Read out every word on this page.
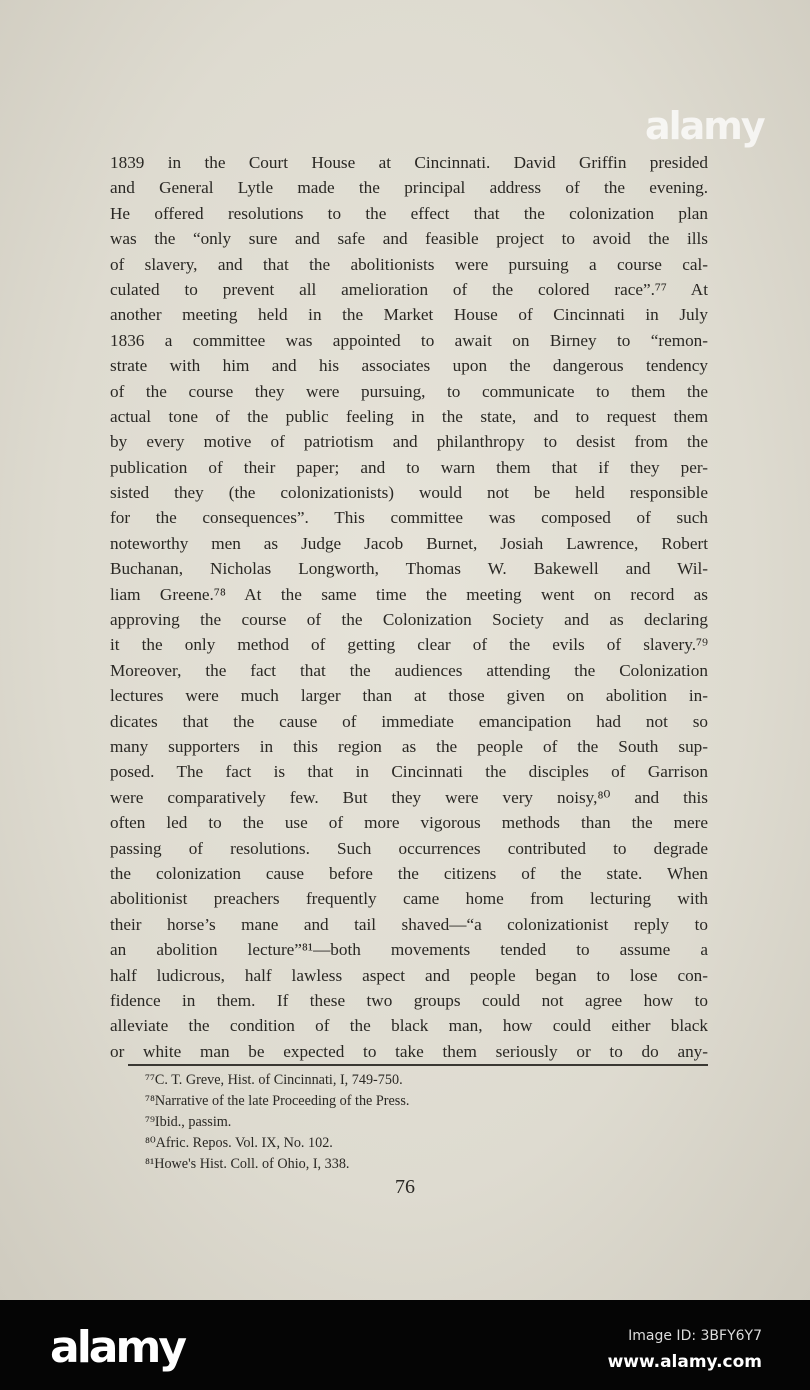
alamy
1839 in the Court House at Cincinnati. David Griffin presided
and General Lytle made the principal address of the evening.
He offered resolutions to the effect that the colonization plan
was the “only sure and safe and feasible project to avoid the ills
of slavery, and that the abolitionists were pursuing a course cal-
culated to prevent all amelioration of the colored race”.⁷⁷ At
another meeting held in the Market House of Cincinnati in July
1836 a committee was appointed to await on Birney to “remon-
strate with him and his associates upon the dangerous tendency
of the course they were pursuing, to communicate to them the
actual tone of the public feeling in the state, and to request them
by every motive of patriotism and philanthropy to desist from the
publication of their paper; and to warn them that if they per-
sisted they (the colonizationists) would not be held responsible
for the consequences”. This committee was composed of such
noteworthy men as Judge Jacob Burnet, Josiah Lawrence, Robert
Buchanan, Nicholas Longworth, Thomas W. Bakewell and Wil-
liam Greene.⁷⁸ At the same time the meeting went on record as
approving the course of the Colonization Society and as declaring
it the only method of getting clear of the evils of slavery.⁷⁹
Moreover, the fact that the audiences attending the Colonization
lectures were much larger than at those given on abolition in-
dicates that the cause of immediate emancipation had not so
many supporters in this region as the people of the South sup-
posed. The fact is that in Cincinnati the disciples of Garrison
were comparatively few. But they were very noisy,⁸⁰ and this
often led to the use of more vigorous methods than the mere
passing of resolutions. Such occurrences contributed to degrade
the colonization cause before the citizens of the state. When
abolitionist preachers frequently came home from lecturing with
their horse’s mane and tail shaved—“a colonizationist reply to
an abolition lecture”⁸¹—both movements tended to assume a
half ludicrous, half lawless aspect and people began to lose con-
fidence in them. If these two groups could not agree how to
alleviate the condition of the black man, how could either black
or white man be expected to take them seriously or to do any-
⁷⁷C. T. Greve, Hist. of Cincinnati, I, 749-750.
⁷⁸Narrative of the late Proceeding of the Press.
⁷⁹Ibid., passim.
⁸⁰Afric. Repos. Vol. IX, No. 102.
⁸¹Howe's Hist. Coll. of Ohio, I, 338.
76
alamy	Image ID: 3BFY6Y7
www.alamy.com
